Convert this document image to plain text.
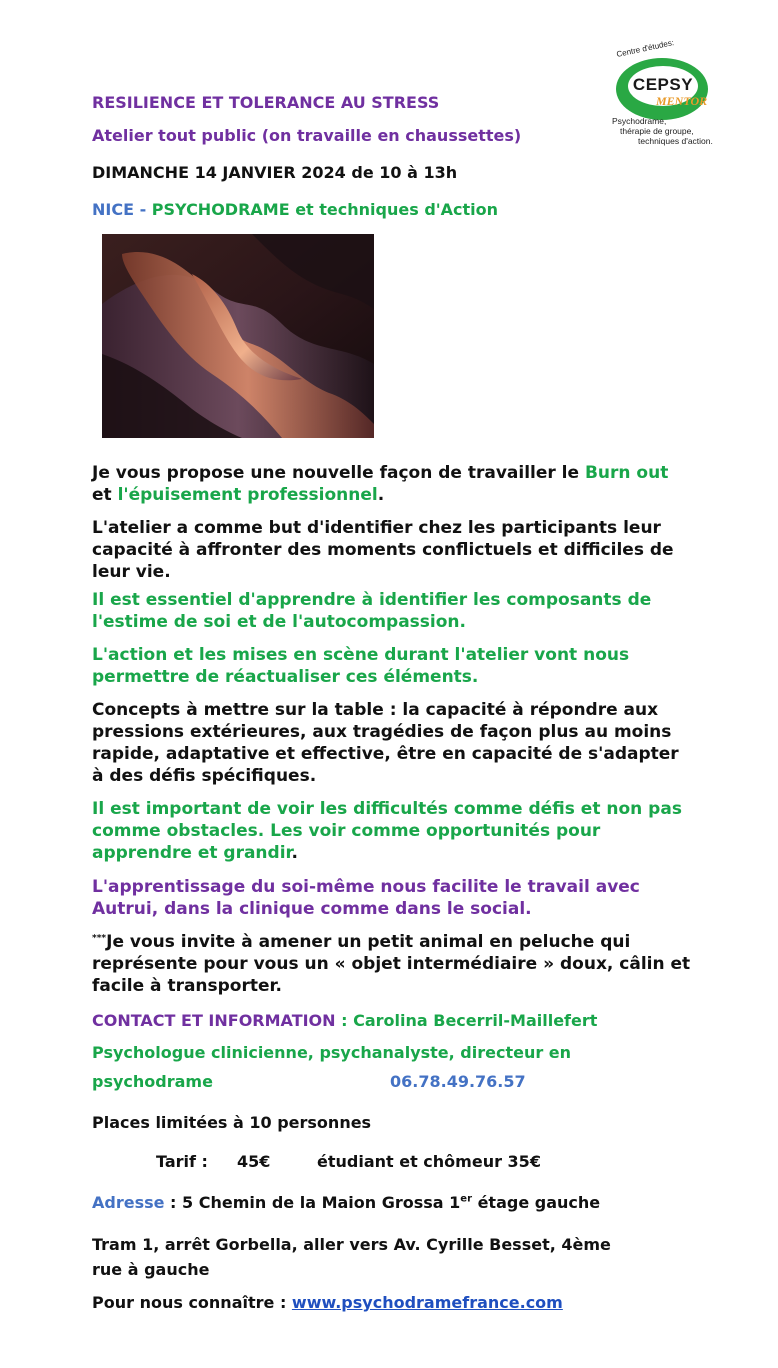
Centre d'études:
CEPSY
MENTOR
Psychodrame,
thérapie de groupe,
techniques d'action.
RESILIENCE ET TOLERANCE AU STRESS
Atelier tout public (on travaille en chaussettes)
DIMANCHE 14 JANVIER 2024 de 10 à 13h
NICE - PSYCHODRAME et techniques d'Action

Je vous propose une nouvelle façon de travailler le Burn out et l'épuisement professionnel.

L'atelier a comme but d'identifier chez les participants leur capacité à affronter des moments conflictuels et difficiles de leur vie.

Il est essentiel d'apprendre à identifier les composants de l'estime de soi et de l'autocompassion.

L'action et les mises en scène durant l'atelier vont nous permettre de réactualiser ces éléments.

Concepts à mettre sur la table : la capacité à répondre aux pressions extérieures, aux tragédies de façon plus au moins rapide, adaptative et effective, être en capacité de s'adapter à des défis spécifiques.

Il est important de voir les difficultés comme défis et non pas comme obstacles. Les voir comme opportunités pour apprendre et grandir.

L'apprentissage du soi-même nous facilite le travail avec Autrui, dans la clinique comme dans le social.

***Je vous invite à amener un petit animal en peluche qui représente pour vous un « objet intermédiaire » doux, câlin et facile à transporter.

CONTACT ET INFORMATION : Carolina Becerril-Maillefert
Psychologue clinicienne, psychanalyste, directeur en
psychodrame	06.78.49.76.57
Places limitées à 10 personnes
Tarif : 45€	étudiant et chômeur 35€
Adresse : 5 Chemin de la Maion Grossa 1er étage gauche
Tram 1, arrêt Gorbella, aller vers Av. Cyrille Besset, 4ème
rue à gauche
Pour nous connaître : www.psychodramefrance.com
